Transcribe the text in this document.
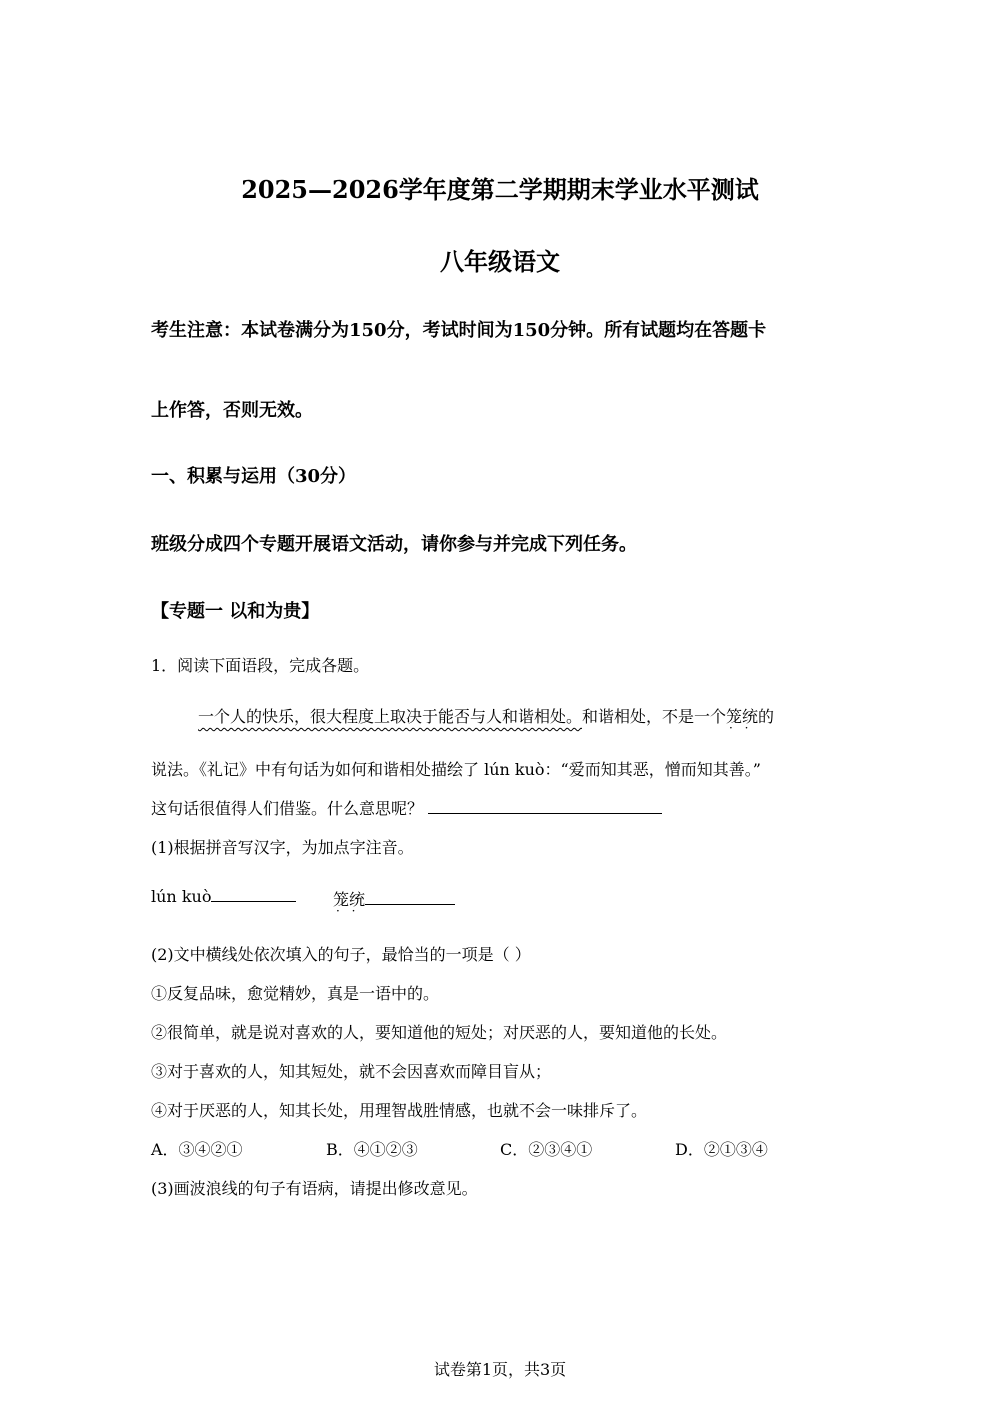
2025—2026学年度第二学期期末学业水平测试
八年级语文
考生注意：本试卷满分为150分，考试时间为150分钟。所有试题均在答题卡
上作答，否则无效。
一、积累与运用（30分）
班级分成四个专题开展语文活动，请你参与并完成下列任务。
【专题一 以和为贵】
1．阅读下面语段，完成各题。
一个人的快乐，很大程度上取决于能否与人和谐相处。和谐相处，不是一个笼统 · ·的
说法。《礼记》中有句话为如何和谐相处描绘了 lún kuò：“爱而知其恶，憎而知其善。”
这句话很值得人们借鉴。什么意思呢？
(1)根据拼音写汉字，为加点字注音。
lún kuò	笼统 · ·
(2)文中横线处依次填入的句子，最恰当的一项是（ ）
①反复品味，愈觉精妙，真是一语中的。
②很简单，就是说对喜欢的人，要知道他的短处；对厌恶的人，要知道他的长处。
③对于喜欢的人，知其短处，就不会因喜欢而障目盲从；
④对于厌恶的人，知其长处，用理智战胜情感，也就不会一味排斥了。
A．③④②①	B．④①②③	C．②③④①	D．②①③④
(3)画波浪线的句子有语病，请提出修改意见。
试卷第1页，共3页
